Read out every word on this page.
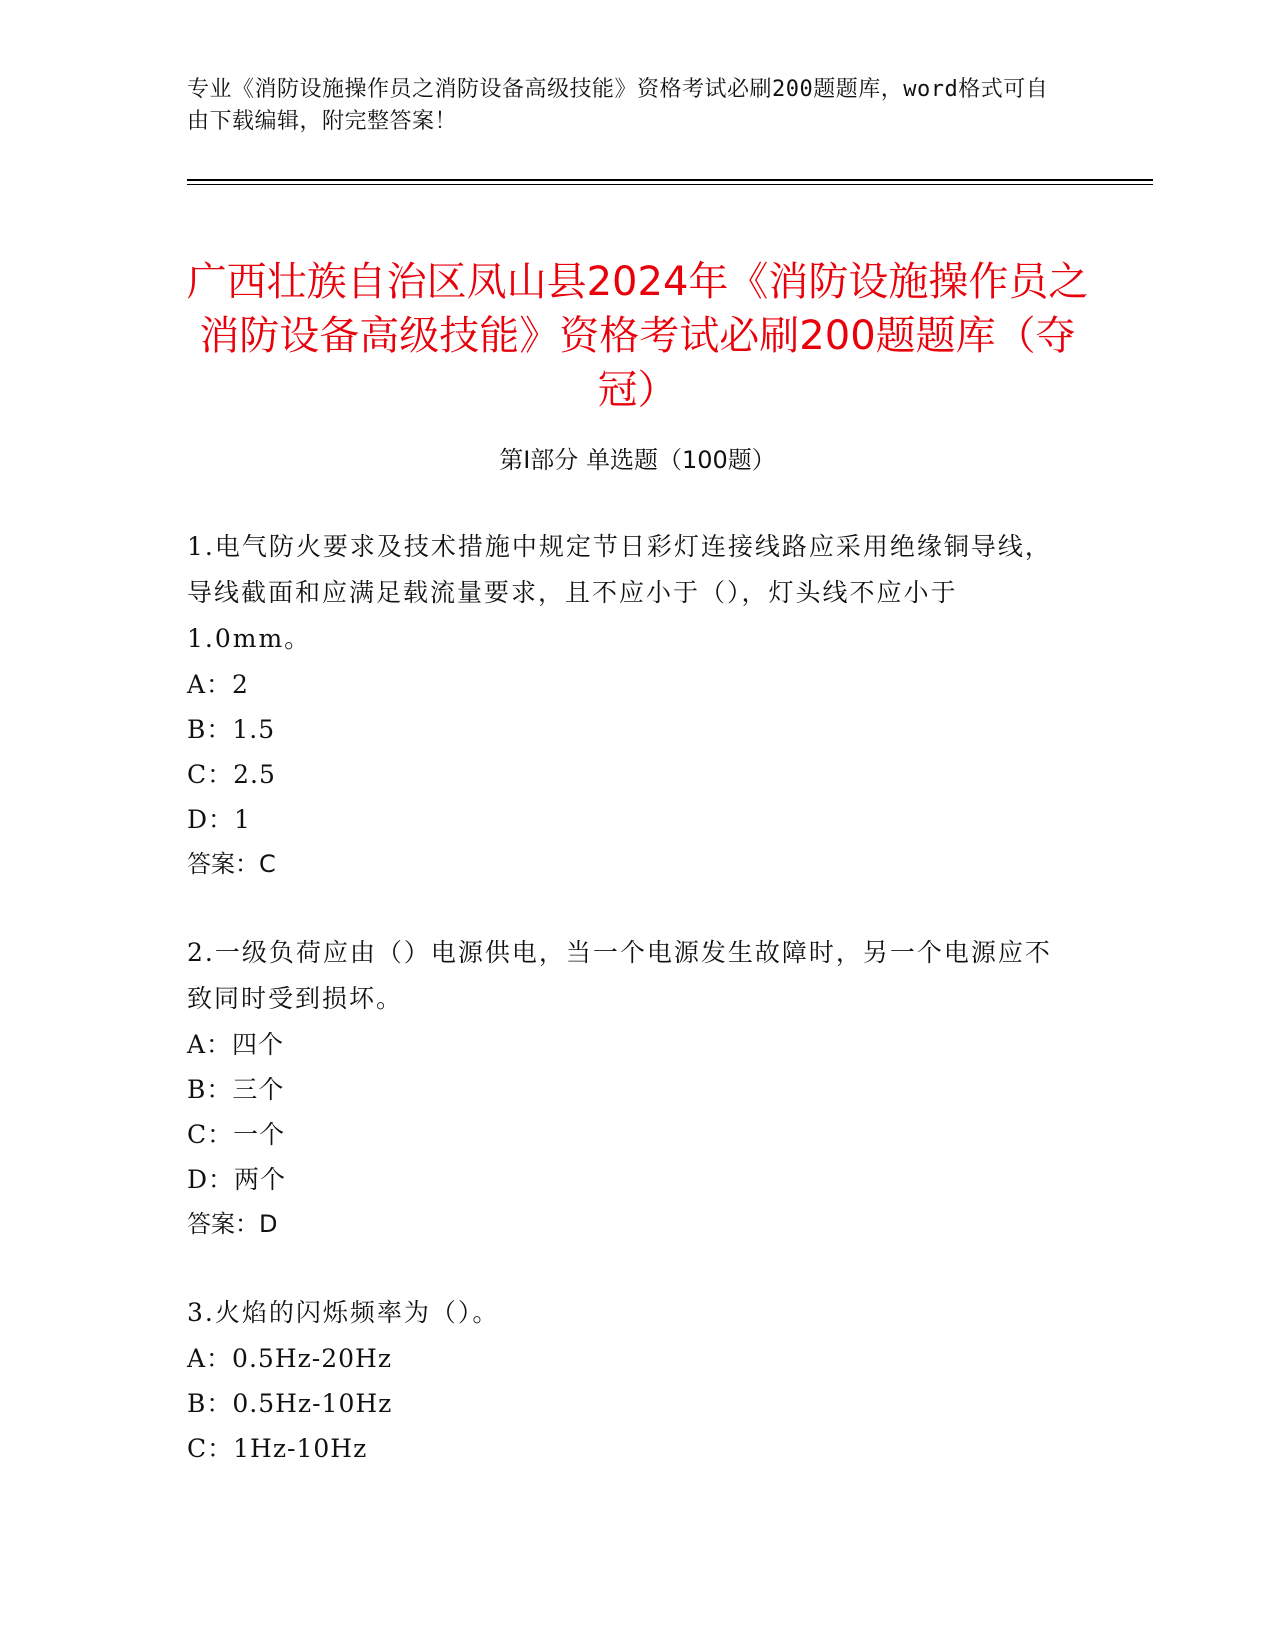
专业《消防设施操作员之消防设备高级技能》资格考试必刷200题题库，word格式可自由下载编辑，附完整答案！
广西壮族自治区凤山县2024年《消防设施操作员之消防设备高级技能》资格考试必刷200题题库（夺冠）
第I部分 单选题（100题）

1.电气防火要求及技术措施中规定节日彩灯连接线路应采用绝缘铜导线，导线截面和应满足载流量要求，且不应小于（），灯头线不应小于1.0mm。

A：2

B：1.5

C：2.5

D：1

答案：C

2.一级负荷应由（）电源供电，当一个电源发生故障时，另一个电源应不致同时受到损坏。

A：四个

B：三个

C：一个

D：两个

答案：D

3.火焰的闪烁频率为（）。

A：0.5Hz-20Hz

B：0.5Hz-10Hz

C：1Hz-10Hz
